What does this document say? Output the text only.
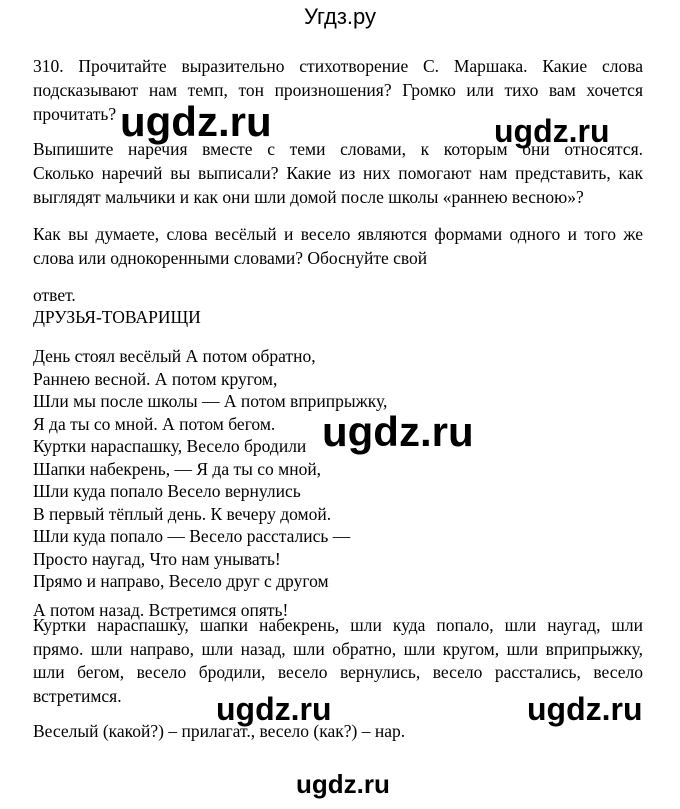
Угдз.ру
310. Прочитайте выразительно стихотворение С. Маршака. Какие слова
подсказывают нам темп, тон произношения? Громко или тихо вам хочется
прочитать?
Выпишите наречия вместе с теми словами, к которым они относятся.
Сколько наречий вы выписали? Какие из них помогают нам представить, как
выглядят мальчики и как они шли домой после школы «раннею весною»?
Как вы думаете, слова весёлый и весело являются формами одного и того же
слова или однокоренными словами? Обоснуйте свой
ответ.
ДРУЗЬЯ-ТОВАРИЩИ
День стоял весёлый А потом обратно,
Раннею весной. А потом кругом,
Шли мы после школы — А потом вприпрыжку,
Я да ты со мной. А потом бегом.
Куртки нараспашку, Весело бродили
Шапки набекрень, — Я да ты со мной,
Шли куда попало Весело вернулись
В первый тёплый день. К вечеру домой.
Шли куда попало — Весело расстались —
Просто наугад, Что нам унывать!
Прямо и направо, Весело друг с другом
А потом назад. Встретимся опять!
Куртки нараспашку, шапки набекрень, шли куда попало, шли наугад, шли
прямо. шли направо, шли назад, шли обратно, шли кругом, шли вприпрыжку,
шли бегом, весело бродили, весело вернулись, весело расстались, весело
встретимся.
Веселый (какой?) – прилагат., весело (как?) – нар.
ugdz.ru	ugdz.ru
ugdz.ru
ugdz.ru	ugdz.ru
ugdz.ru
